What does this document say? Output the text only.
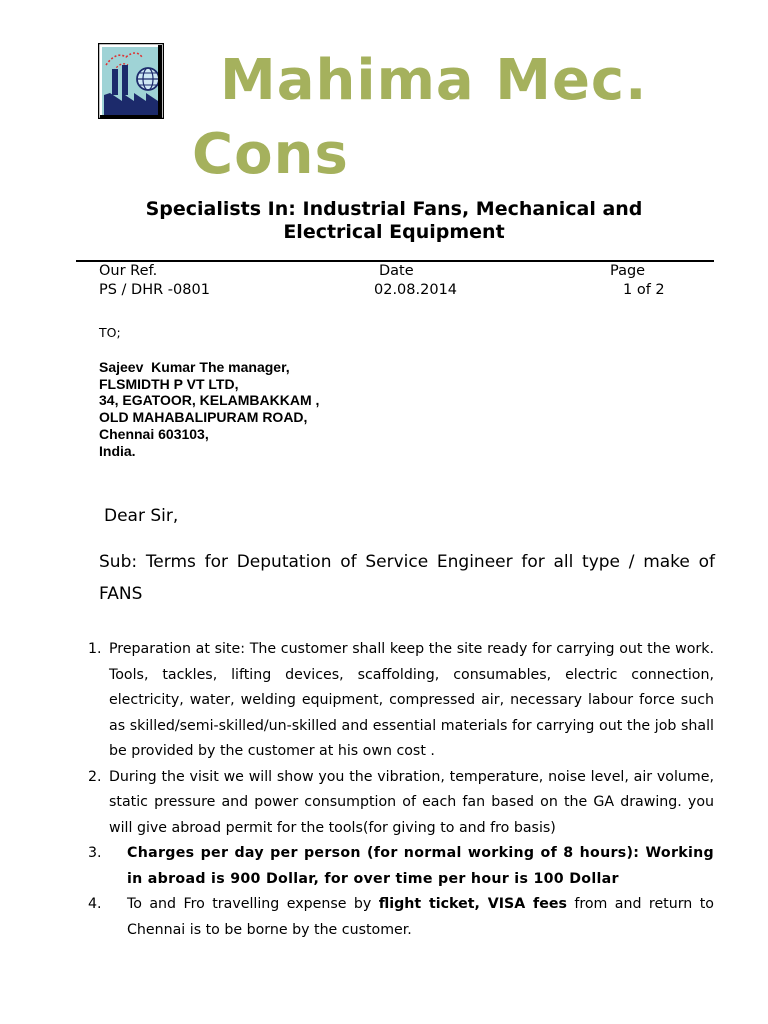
Mahima Mec.
Cons
Specialists In: Industrial Fans, Mechanical and
Electrical Equipment
Our Ref.	Date	Page
PS / DHR -0801	02.08.2014	1 of 2
TO;
Sajeev  Kumar The manager,
FLSMIDTH P VT LTD,
34, EGATOOR, KELAMBAKKAM ,
OLD MAHABALIPURAM ROAD,
Chennai 603103,
India.
Dear Sir,
Sub: Terms for Deputation of Service Engineer for all type / make of FANS
1. Preparation at site: The customer shall keep the site ready for carrying out the work. Tools, tackles, lifting devices, scaffolding, consumables, electric connection, electricity, water, welding equipment, compressed air, necessary labour force such as skilled/semi-skilled/un-skilled and essential materials for carrying out the job shall be provided by the customer at his own cost .
2. During the visit we will show you the vibration, temperature, noise level, air volume, static pressure and power consumption of each fan based on the GA drawing. you will give abroad permit for the tools(for giving to and fro basis)
3. Charges per day per person (for normal working of 8 hours): Working in abroad is 900 Dollar, for over time per hour is 100 Dollar
4. To and Fro travelling expense by flight ticket, VISA fees from and return to Chennai is to be borne by the customer.
